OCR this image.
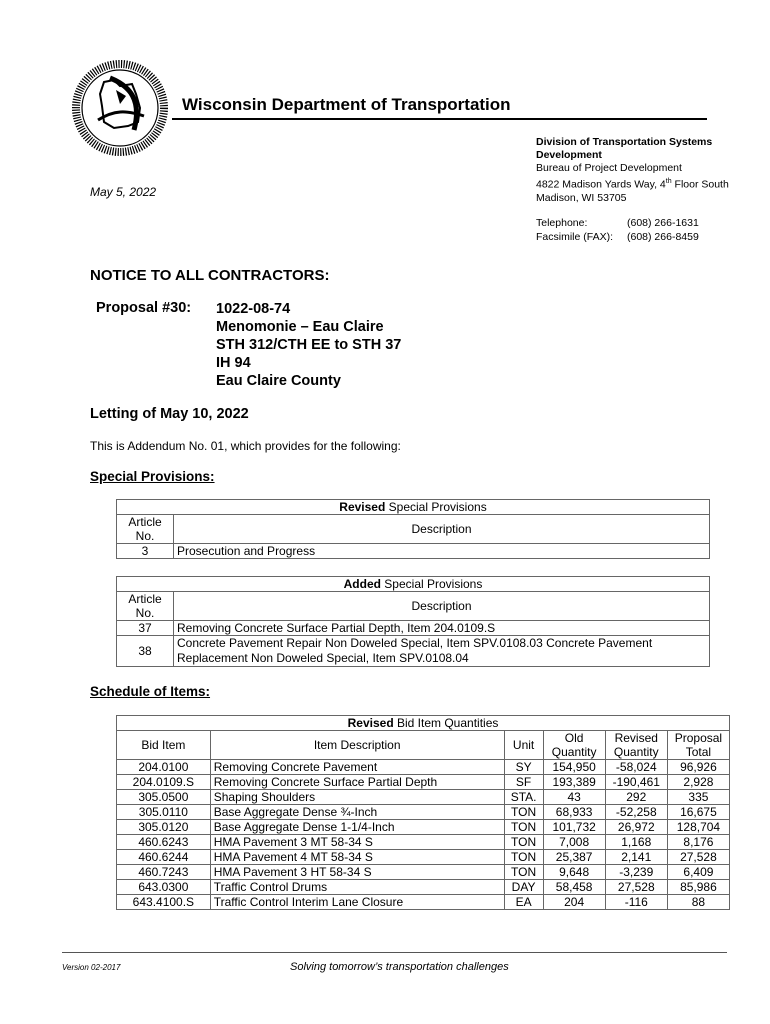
Wisconsin Department of Transportation
Division of Transportation Systems
Development
Bureau of Project Development
4822 Madison Yards Way, 4th Floor South
Madison, WI 53705
Telephone:	(608) 266-1631
Facsimile (FAX):	(608) 266-8459
May 5, 2022
NOTICE TO ALL CONTRACTORS:
Proposal #30: 1022-08-74
Menomonie – Eau Claire
STH 312/CTH EE to STH 37
IH 94
Eau Claire County
Letting of May 10, 2022
This is Addendum No. 01, which provides for the following:
Special Provisions:
Revised Special Provisions	
Article No.	Description
3	Prosecution and Progress
Added Special Provisions	
Article No.	Description
37	Removing Concrete Surface Partial Depth, Item 204.0109.S
38	Concrete Pavement Repair Non Doweled Special, Item SPV.0108.03 Concrete Pavement Replacement Non Doweled Special, Item SPV.0108.04
Schedule of Items:
Revised Bid Item Quantities					
Bid Item	Item Description	Unit	Old Quantity	Revised Quantity	Proposal Total
204.0100	Removing Concrete Pavement	SY	154,950	-58,024	96,926
204.0109.S	Removing Concrete Surface Partial Depth	SF	193,389	-190,461	2,928
305.0500	Shaping Shoulders	STA.	43	292	335
305.0110	Base Aggregate Dense ¾-Inch	TON	68,933	-52,258	16,675
305.0120	Base Aggregate Dense 1-1/4-Inch	TON	101,732	26,972	128,704
460.6243	HMA Pavement 3 MT 58-34 S	TON	7,008	1,168	8,176
460.6244	HMA Pavement 4 MT 58-34 S	TON	25,387	2,141	27,528
460.7243	HMA Pavement 3 HT 58-34 S	TON	9,648	-3,239	6,409
643.0300	Traffic Control Drums	DAY	58,458	27,528	85,986
643.4100.S	Traffic Control Interim Lane Closure	EA	204	-116	88
Version 02-2017	Solving tomorrow’s transportation challenges
